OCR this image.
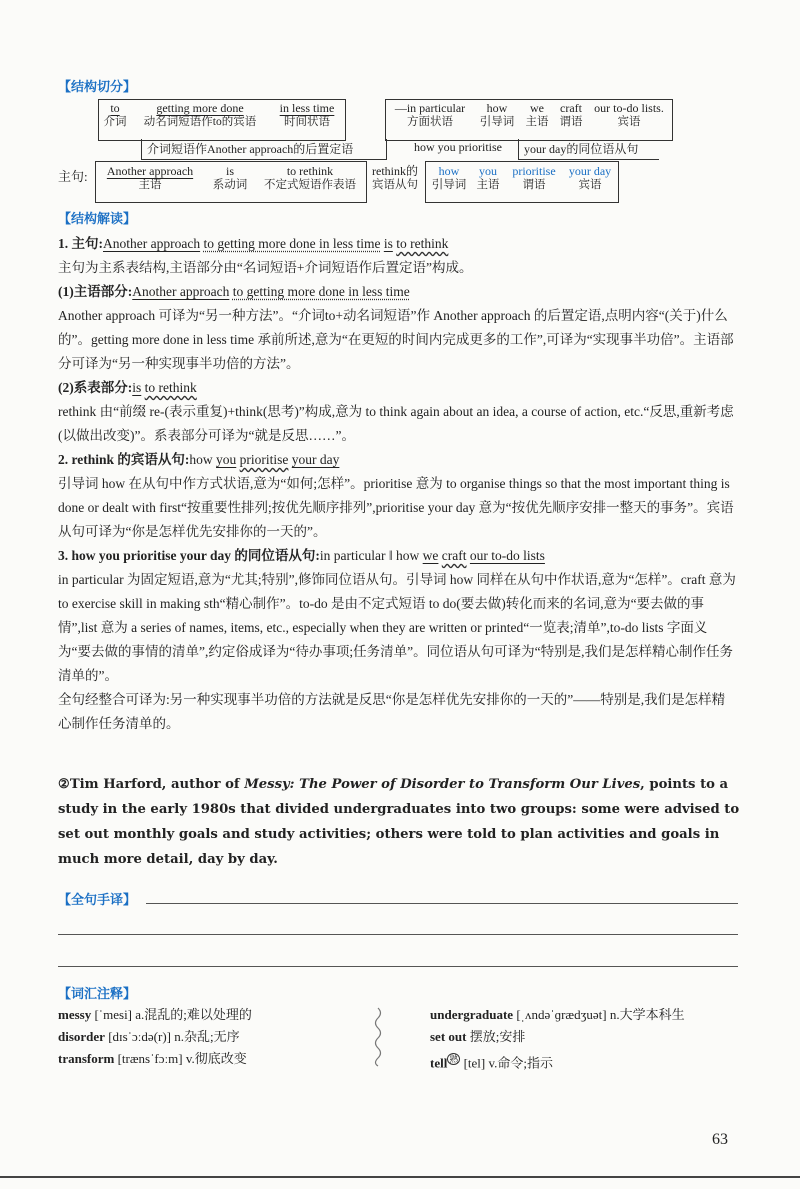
【结构切分】
to
介词
getting more done
动名词短语作to的宾语
in less time
时间状语
—in particular
方面状语
how
引导词
we
主语
craft
谓语
our to-do lists.
宾语
介词短语作Another approach的后置定语	how you prioritise your day的同位语从句
主句:	Another approach
主语
is
系动词
to rethink
不定式短语作表语
rethink的
宾语从句
how
引导词
you
主语
prioritise
谓语
your day
宾语
【结构解读】

1. 主句:Another approach to getting more done in less time is to rethink

主句为主系表结构,主语部分由“名词短语+介词短语作后置定语”构成。

(1)主语部分:Another approach to getting more done in less time

Another approach 可译为“另一种方法”。“介词to+动名词短语”作 Another approach 的后置定语,点明内容“(关于)什么的”。getting more done in less time 承前所述,意为“在更短的时间内完成更多的工作”,可译为“实现事半功倍”。主语部分可译为“另一种实现事半功倍的方法”。

(2)系表部分:is to rethink

rethink 由“前缀 re-(表示重复)+think(思考)”构成,意为 to think again about an idea, a course of action, etc.“反思,重新考虑(以做出改变)”。系表部分可译为“就是反思……”。

2. rethink 的宾语从句:how you prioritise your day

引导词 how 在从句中作方式状语,意为“如何;怎样”。prioritise 意为 to organise things so that the most important thing is done or dealt with first“按重要性排列;按优先顺序排列”,prioritise your day 意为“按优先顺序安排一整天的事务”。宾语从句可译为“你是怎样优先安排你的一天的”。

3. how you prioritise your day 的同位语从句:in particular ‖ how we craft our to-do lists

in particular 为固定短语,意为“尤其;特别”,修饰同位语从句。引导词 how 同样在从句中作状语,意为“怎样”。craft 意为 to exercise skill in making sth“精心制作”。to-do 是由不定式短语 to do(要去做)转化而来的名词,意为“要去做的事情”,list 意为 a series of names, items, etc., especially when they are written or printed“一览表;清单”,to-do lists 字面义为“要去做的事情的清单”,约定俗成译为“待办事项;任务清单”。同位语从句可译为“特别是,我们是怎样精心制作任务清单的”。

全句经整合可译为:另一种实现事半功倍的方法就是反思“你是怎样优先安排你的一天的”——特别是,我们是怎样精心制作任务清单的。

②Tim Harford, author of Messy: The Power of Disorder to Transform Our Lives, points to a study in the early 1980s that divided undergraduates into two groups: some were advised to set out monthly goals and study activities; others were told to plan activities and goals in much more detail, day by day.
【全句手译】
【词汇注释】
messy [ˈmesi] a.混乱的;难以处理的
disorder [dɪsˈɔːdə(r)] n.杂乱;无序
transform [trænsˈfɔːm] v.彻底改变
undergraduate [ˌʌndəˈɡrædʒuət] n.大学本科生
set out 摆放;安排
tell $^熟$ [tel] v.命令;指示
63
